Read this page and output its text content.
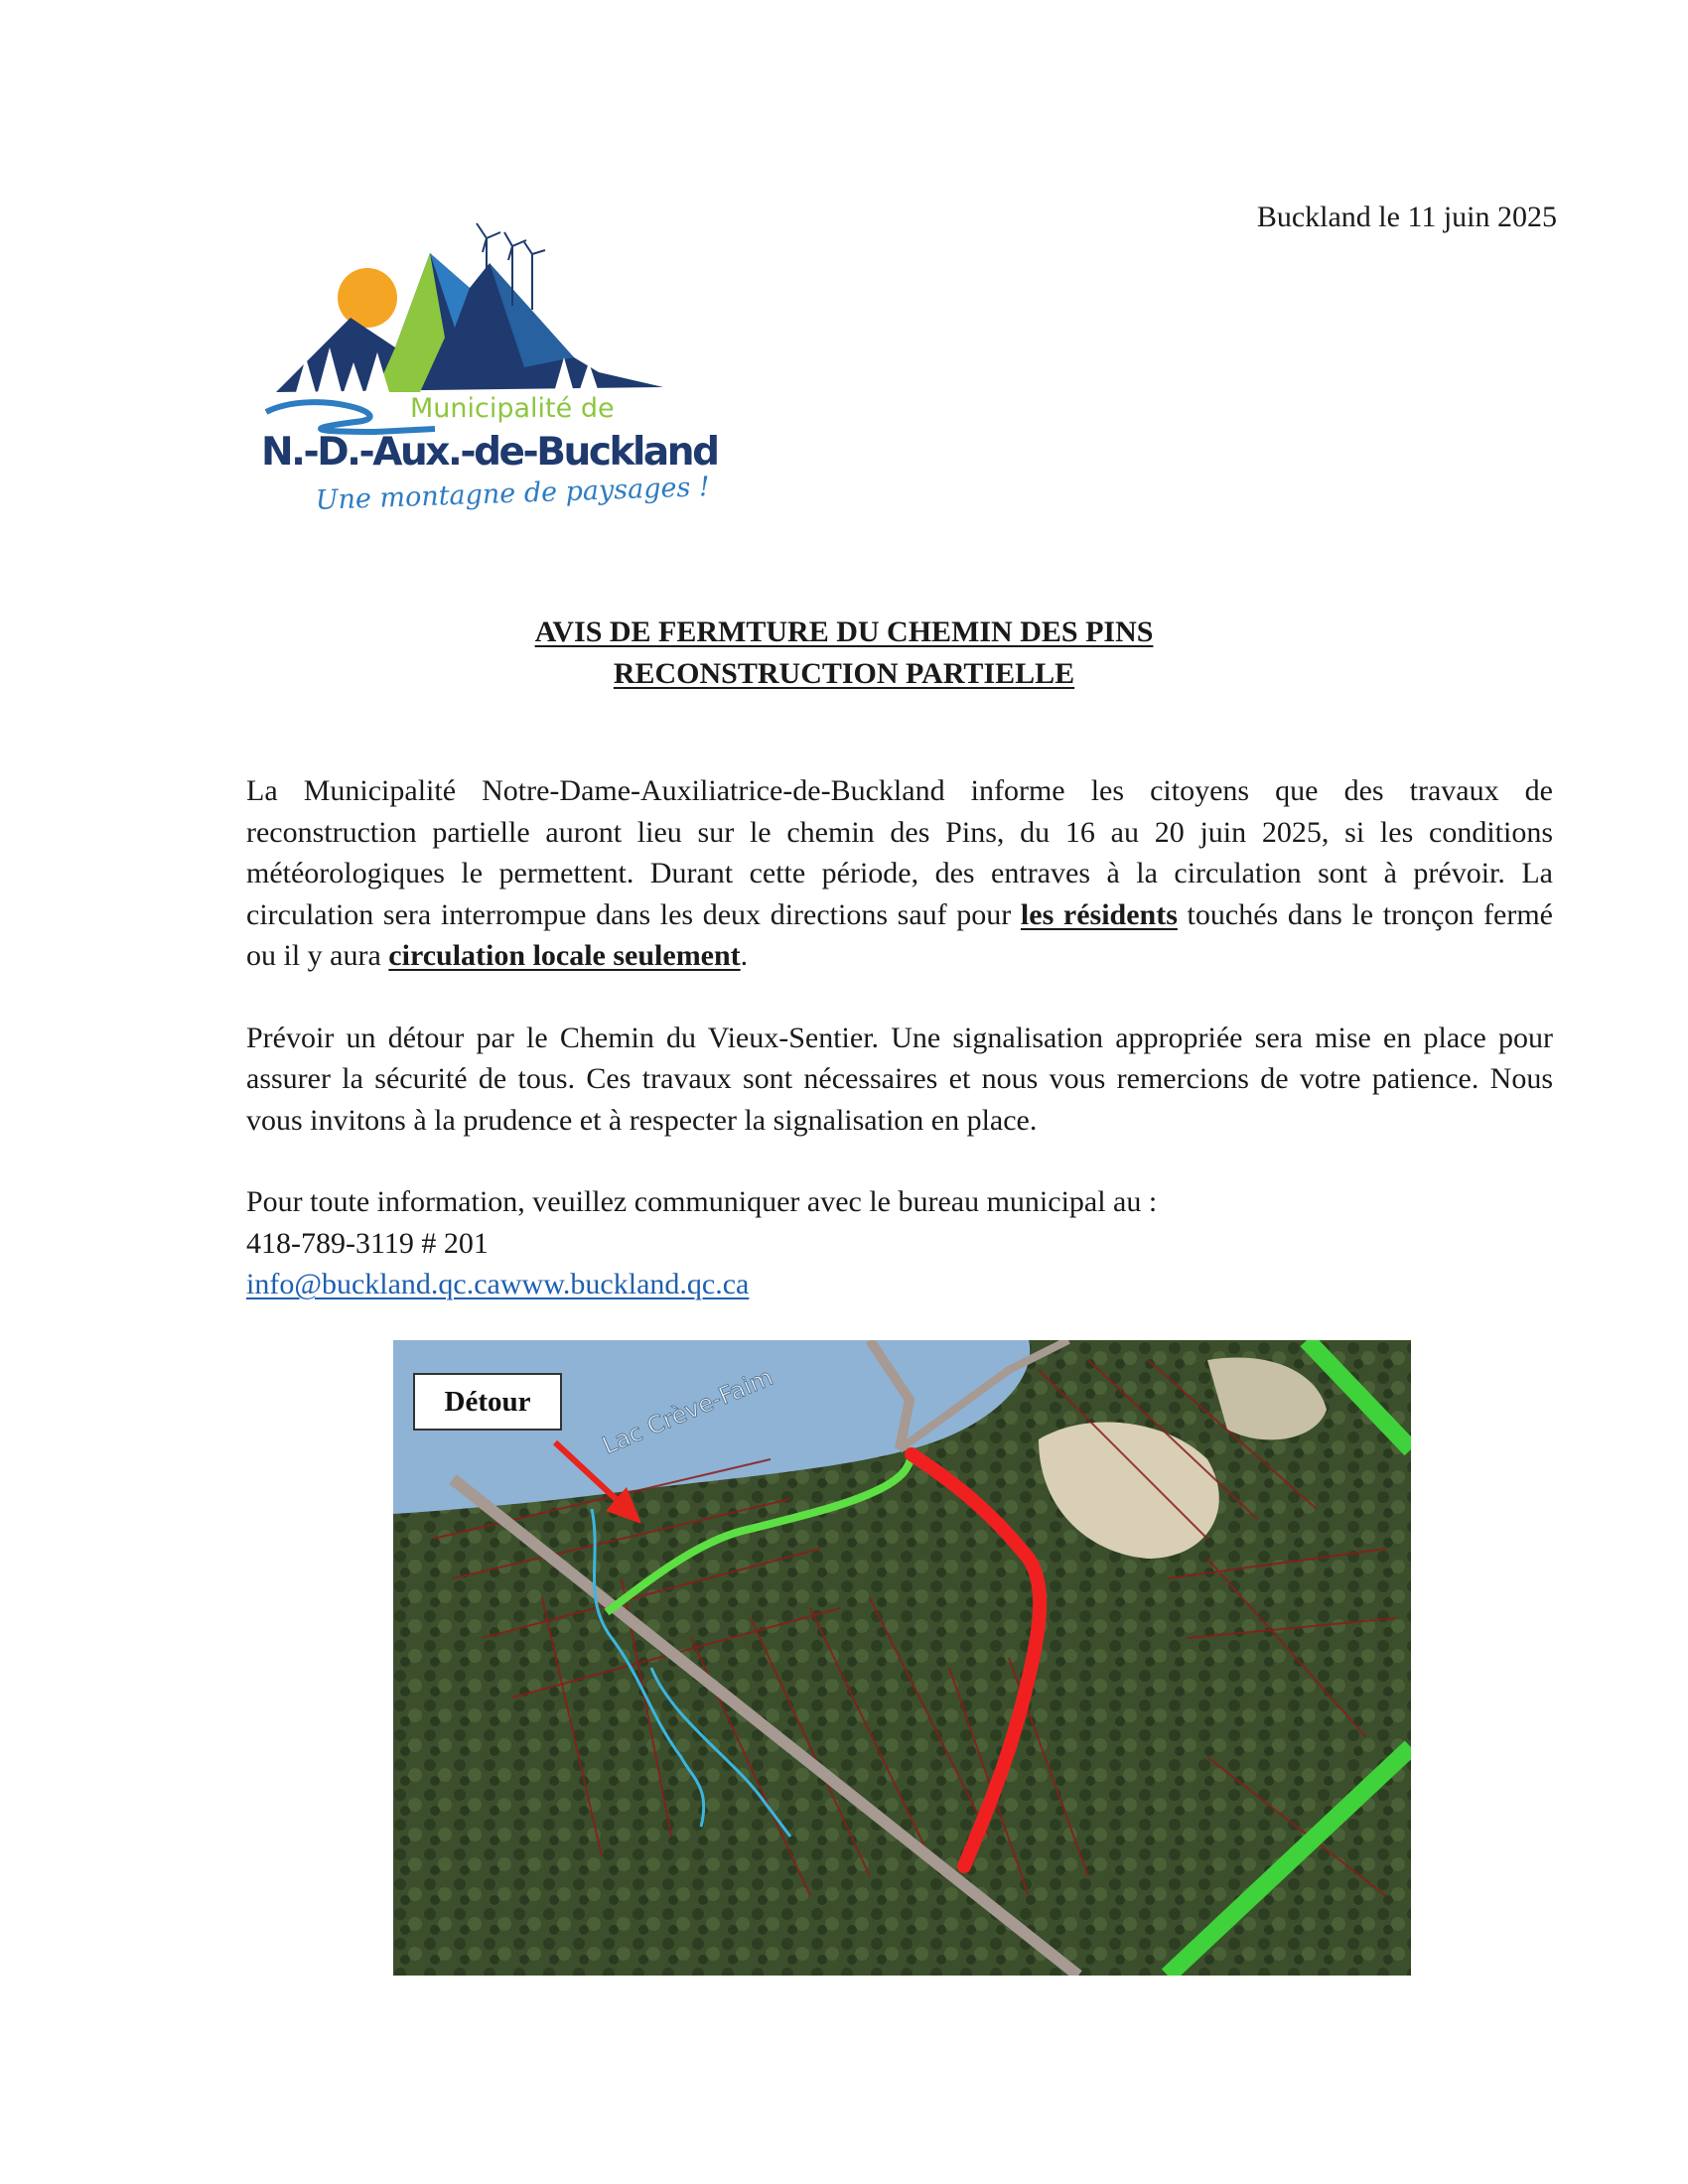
Buckland le 11 juin 2025
Municipalité de
N.-D.-Aux.-de-Buckland
Une montagne de paysages !
AVIS DE FERMTURE DU CHEMIN DES PINS
RECONSTRUCTION PARTIELLE

La Municipalité Notre-Dame-Auxiliatrice-de-Buckland informe les citoyens que des travaux de reconstruction partielle auront lieu sur le chemin des Pins, du 16 au 20 juin 2025, si les conditions météorologiques le permettent. Durant cette période, des entraves à la circulation sont à prévoir. La circulation sera interrompue dans les deux directions sauf pour les résidents touchés dans le tronçon fermé ou il y aura circulation locale seulement.

Prévoir un détour par le Chemin du Vieux-Sentier. Une signalisation appropriée sera mise en place pour assurer la sécurité de tous. Ces travaux sont nécessaires et nous vous remercions de votre patience. Nous vous invitons à la prudence et à respecter la signalisation en place.

Pour toute information, veuillez communiquer avec le bureau municipal au :
418-789-3119 # 201
info@buckland.qc.cawww.buckland.qc.ca
Lac Crève-Faim
Détour
